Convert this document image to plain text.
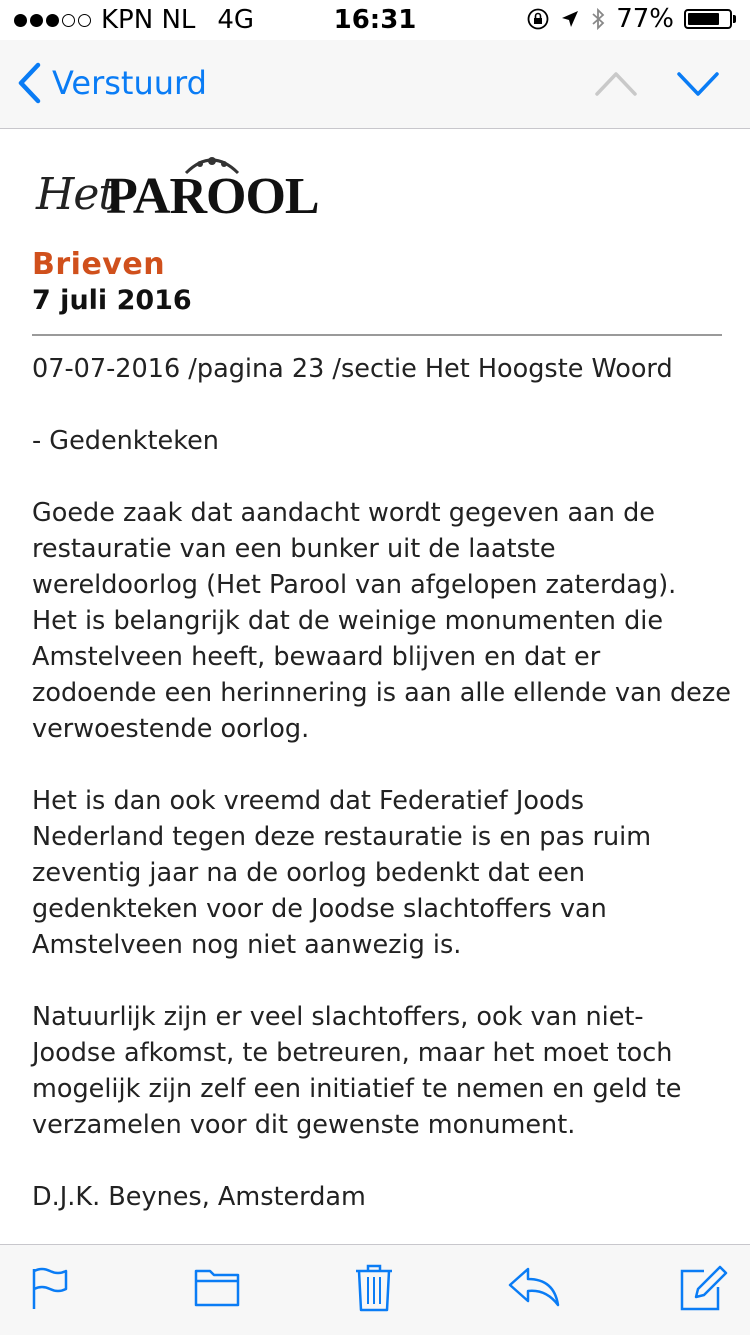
KPN NL 4G	16:31	77%
Verstuurd
Het
PAROOL
Brieven
7 juli 2016

07-07-2016 /pagina 23 /sectie Het Hoogste Woord

- Gedenkteken

Goede zaak dat aandacht wordt gegeven aan de
restauratie van een bunker uit de laatste
wereldoorlog (Het Parool van afgelopen zaterdag).
Het is belangrijk dat de weinige monumenten die
Amstelveen heeft, bewaard blijven en dat er
zodoende een herinnering is aan alle ellende van deze
verwoestende oorlog.

Het is dan ook vreemd dat Federatief Joods
Nederland tegen deze restauratie is en pas ruim
zeventig jaar na de oorlog bedenkt dat een
gedenkteken voor de Joodse slachtoffers van
Amstelveen nog niet aanwezig is.

Natuurlijk zijn er veel slachtoffers, ook van niet-
Joodse afkomst, te betreuren, maar het moet toch
mogelijk zijn zelf een initiatief te nemen en geld te
verzamelen voor dit gewenste monument.

D.J.K. Beynes, Amsterdam
